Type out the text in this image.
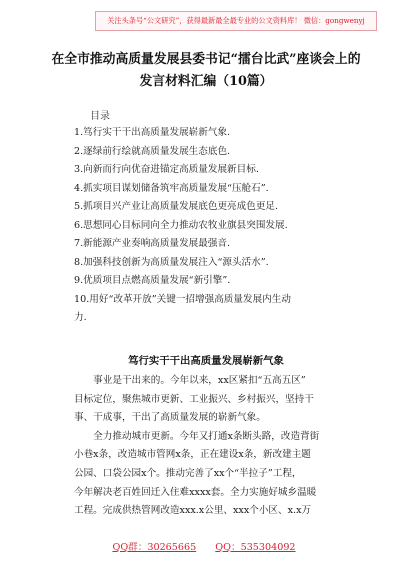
关注头条号“公文研究”，获得最新最全最专业的公文资料库！ 微信：gongwenyj
在全市推动高质量发展县委书记“擂台比武”座谈会上的
发言材料汇编（10篇）
目录
1.笃行实干干出高质量发展崭新气象.
2.逐绿前行绘就高质量发展生态底色.
3.向新而行向优奋进锚定高质量发展新目标.
4.抓实项目谋划储备筑牢高质量发展“压舱石”.
5.抓项目兴产业让高质量发展底色更亮成色更足.
6.思想同心目标同向全力推动农牧业旗县突围发展.
7.新能源产业奏响高质量发展最强音.
8.加强科技创新为高质量发展注入“源头活水”.
9.优质项目点燃高质量发展“新引擎”.
10.用好“改革开放”关键一招增强高质量发展内生动
力.
笃行实干干出高质量发展崭新气象

　　事业是干出来的。今年以来，xx区紧扣“五高五区”

目标定位，聚焦城市更新、工业振兴、乡村振兴，坚持干

事、干成事，干出了高质量发展的崭新气象。

　　全力推动城市更新。今年又打通x条断头路，改造背街

小巷x条，改造城市管网x条，正在建设x条，新改建主题

公园、口袋公园x个。推动完善了xx个“半拉子”工程，

今年解决老百姓回迁入住难xxxx套。全力实施好城乡温暖

工程。完成供热管网改造xxx.x公里、xxx个小区、x.x万

QQ群：30265665 QQ：535304092
